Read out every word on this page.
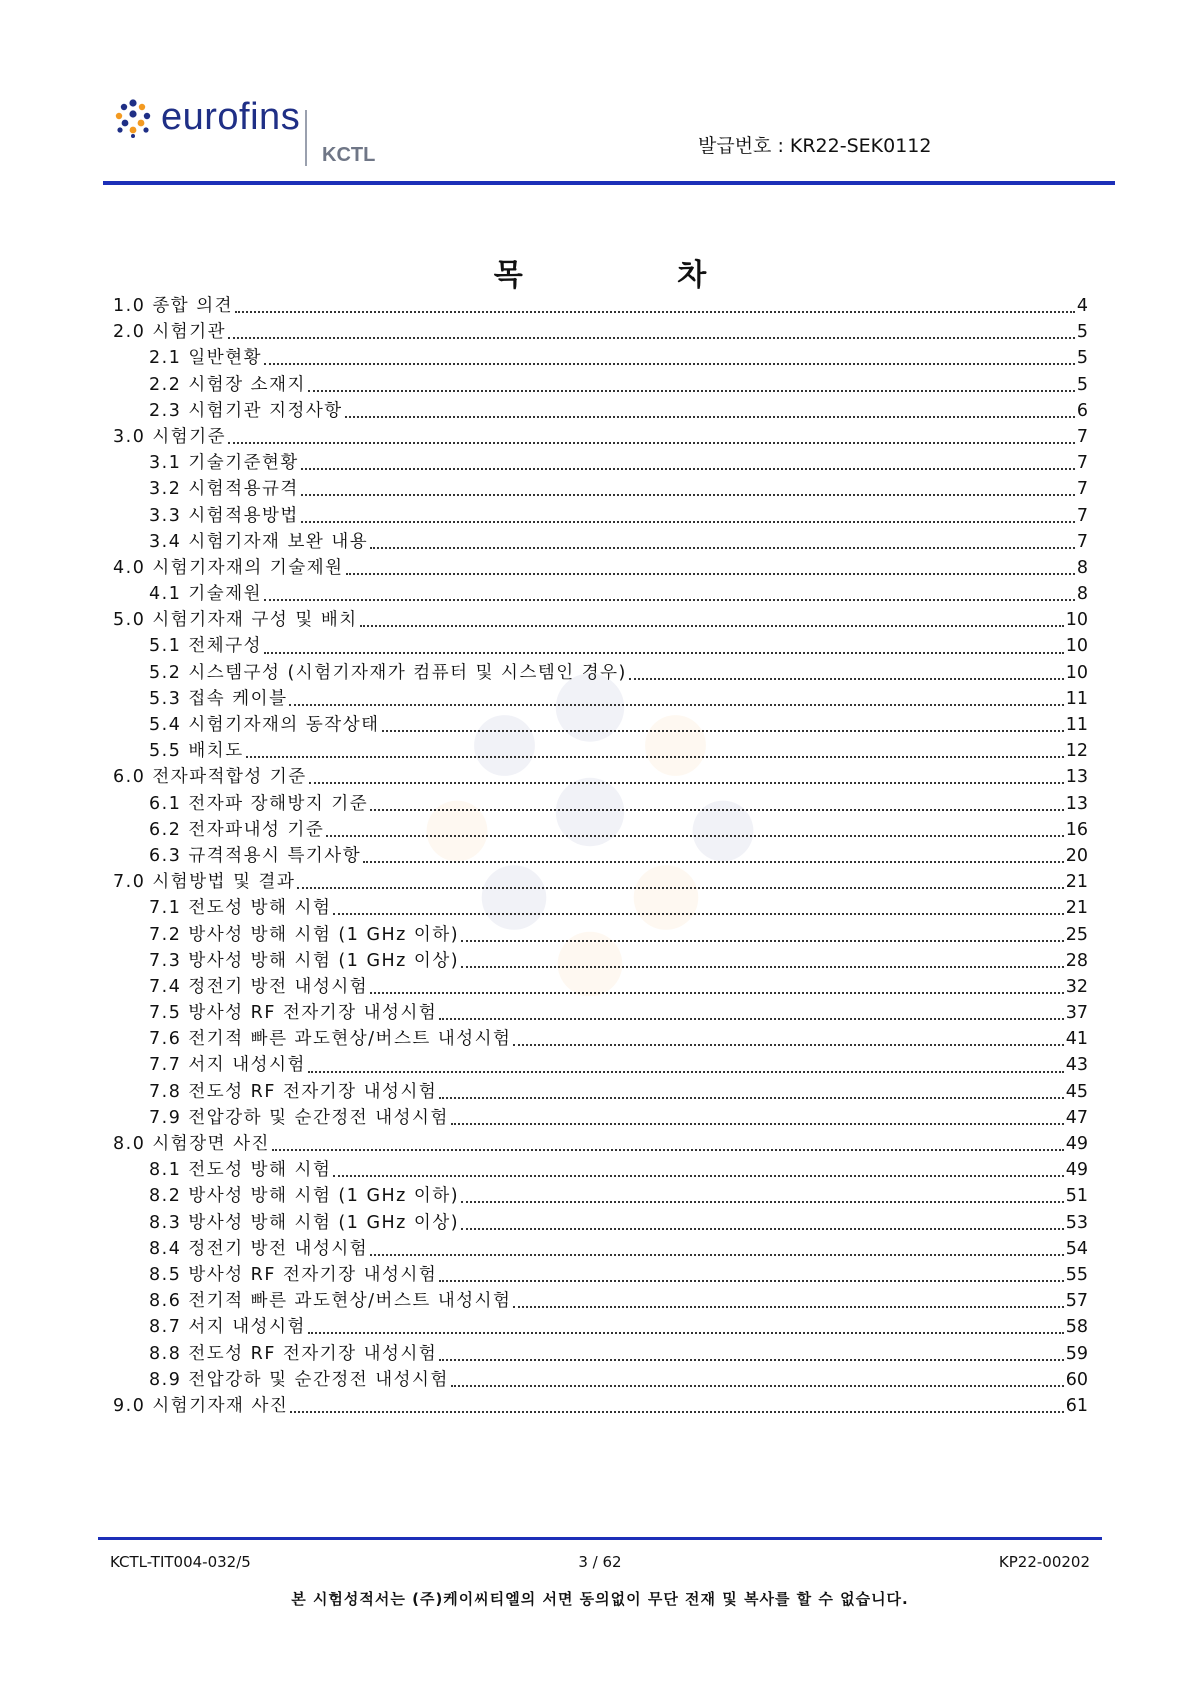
eurofins
KCTL	발급번호 : KR22-SEK0112
목 차
1.0 종합 의견	4
2.0 시험기관	5
2.1 일반현황	5
2.2 시험장 소재지	5
2.3 시험기관 지정사항	6
3.0 시험기준	7
3.1 기술기준현황	7
3.2 시험적용규격	7
3.3 시험적용방법	7
3.4 시험기자재 보완 내용	7
4.0 시험기자재의 기술제원	8
4.1 기술제원	8
5.0 시험기자재 구성 및 배치	10
5.1 전체구성	10
5.2 시스템구성 (시험기자재가 컴퓨터 및 시스템인 경우)	10
5.3 접속 케이블	11
5.4 시험기자재의 동작상태	11
5.5 배치도	12
6.0 전자파적합성 기준	13
6.1 전자파 장해방지 기준	13
6.2 전자파내성 기준	16
6.3 규격적용시 특기사항	20
7.0 시험방법 및 결과	21
7.1 전도성 방해 시험	21
7.2 방사성 방해 시험 (1 GHz 이하)	25
7.3 방사성 방해 시험 (1 GHz 이상)	28
7.4 정전기 방전 내성시험	32
7.5 방사성 RF 전자기장 내성시험	37
7.6 전기적 빠른 과도현상/버스트 내성시험	41
7.7 서지 내성시험	43
7.8 전도성 RF 전자기장 내성시험	45
7.9 전압강하 및 순간정전 내성시험	47
8.0 시험장면 사진	49
8.1 전도성 방해 시험	49
8.2 방사성 방해 시험 (1 GHz 이하)	51
8.3 방사성 방해 시험 (1 GHz 이상)	53
8.4 정전기 방전 내성시험	54
8.5 방사성 RF 전자기장 내성시험	55
8.6 전기적 빠른 과도현상/버스트 내성시험	57
8.7 서지 내성시험	58
8.8 전도성 RF 전자기장 내성시험	59
8.9 전압강하 및 순간정전 내성시험	60
9.0 시험기자재 사진	61
KCTL-TIT004-032/5	3 / 62	KP22-00202
본 시험성적서는 (주)케이씨티엘의 서면 동의없이 무단 전재 및 복사를 할 수 없습니다.
